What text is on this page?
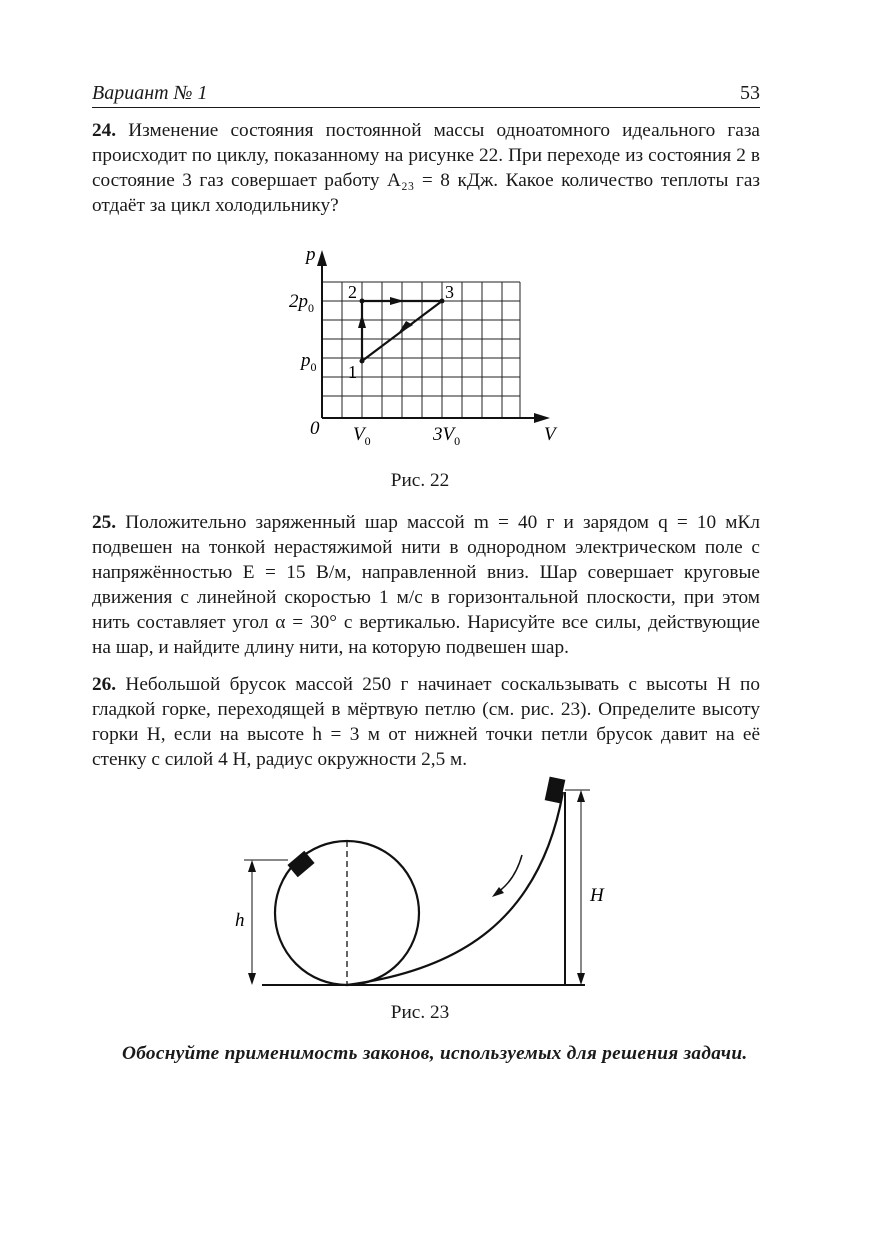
Вариант № 1	53

24. Изменение состояния постоянной массы одноатомного идеального газа происходит по циклу, показанному на рисунке 22. При переходе из состояния 2 в состояние 3 газ совершает работу A₂₃ = 8 кДж. Какое количество теплоты газ отдаёт за цикл холодильнику?

p
V
0
$2p_0$
$p_0$
$V_0$	$3V_0$
1
2	3
Рис. 22

25. Положительно заряженный шар массой m = 40 г и зарядом q = 10 мКл подвешен на тонкой нерастяжимой нити в однородном электрическом поле с напряжённостью E = 15 В/м, направленной вниз. Шар совершает круговые движения с линейной скоростью 1 м/с в горизонтальной плоскости, при этом нить составляет угол α = 30° с вертикалью. Нарисуйте все силы, действующие на шар, и найдите длину нити, на которую подвешен шар.

26. Небольшой брусок массой 250 г начинает соскальзывать с высоты H по гладкой горке, переходящей в мёртвую петлю (см. рис. 23). Определите высоту горки H, если на высоте h = 3 м от нижней точки петли брусок давит на её стенку с силой 4 Н, радиус окружности 2,5 м.

h
H
Рис. 23

Обоснуйте применимость законов, используемых для решения задачи.
